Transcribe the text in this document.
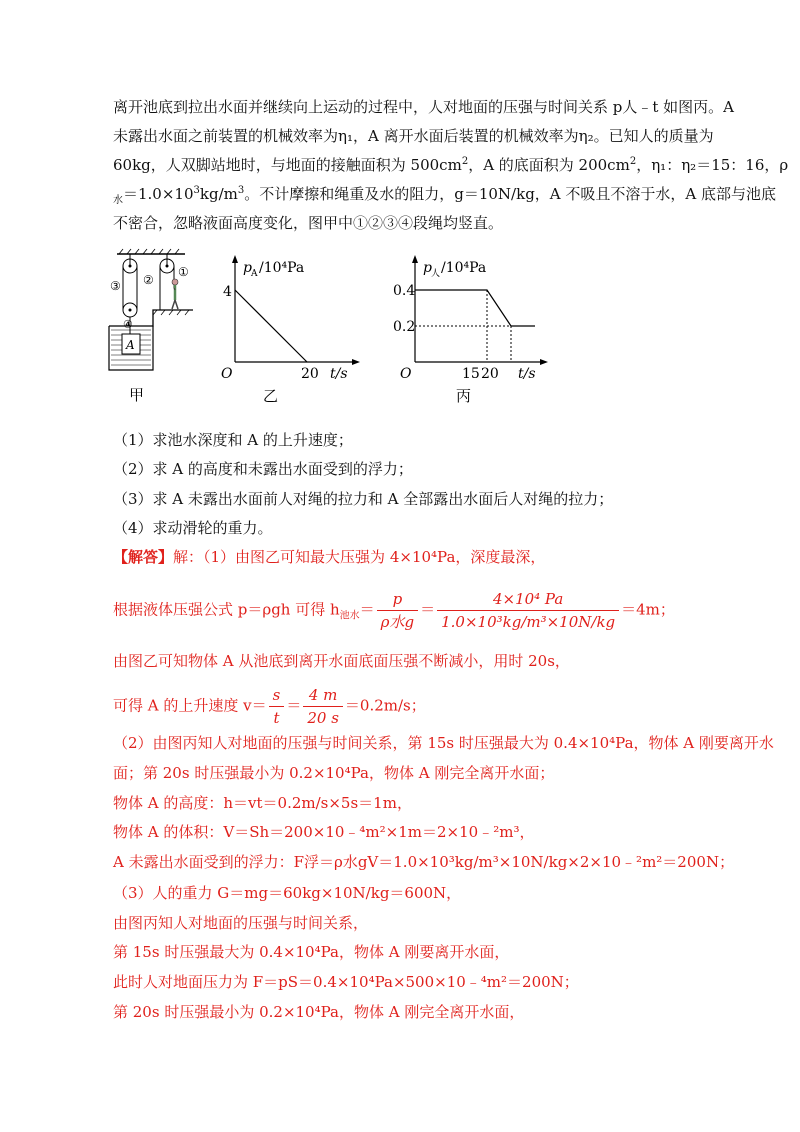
离开池底到拉出水面并继续向上运动的过程中，人对地面的压强与时间关系 p人﹣t 如图丙。A
未露出水面之前装置的机械效率为η₁，A 离开水面后装置的机械效率为η₂。已知人的质量为
60kg，人双脚站地时，与地面的接触面积为 $500cm^2$，A 的底面积为 $200cm^2$，η₁：η₂＝15：16，ρ
$_水=1.0\times 10^3kg/m^3$。不计摩擦和绳重及水的阻力，g＝10N/kg，A 不吸且不溶于水，A 底部与池底
不密合，忽略液面高度变化，图甲中①②③④段绳均竖直。
③ ②
①
④
A
甲
p A /10⁴Pa
4
20
O	t/s
乙
p 人 /10⁴Pa
0.4
0.2
15 20
O	t/s
丙
（1）求池水深度和 A 的上升速度；
（2）求 A 的高度和未露出水面受到的浮力；
（3）求 A 未露出水面前人对绳的拉力和 A 全部露出水面后人对绳的拉力；
（4）求动滑轮的重力。
【解答】解：（1）由图乙可知最大压强为 4×10⁴Pa，深度最深，
根据液体压强公式 p＝ρgh 可得 $h_{池水}= \frac{p}{\text{ρ水g}} = \frac{\text{4×10⁴ Pa}}{\text{1.0×10³kg/m³×10N/kg}} =4m$；
由图乙可知物体 A 从池底到离开水面底面压强不断减小，用时 20s，
可得 A 的上升速度 $v= \frac{s}{t} = \frac{4 m}{20 s} =0.2m/s$；
（2）由图丙知人对地面的压强与时间关系，第 15s 时压强最大为 0.4×10⁴Pa，物体 A 刚要离开水
面；第 20s 时压强最小为 0.2×10⁴Pa，物体 A 刚完全离开水面；
物体 A 的高度：h＝vt＝0.2m/s×5s＝1m，
物体 A 的体积：V＝Sh＝200×10﹣⁴m²×1m＝2×10﹣²m³，
A 未露出水面受到的浮力：F浮＝ρ水gV＝1.0×10³kg/m³×10N/kg×2×10﹣²m²＝200N；
（3）人的重力 G＝mg＝60kg×10N/kg＝600N，
由图丙知人对地面的压强与时间关系，
第 15s 时压强最大为 0.4×10⁴Pa，物体 A 刚要离开水面，
此时人对地面压力为 F＝pS＝0.4×10⁴Pa×500×10﹣⁴m²＝200N；
第 20s 时压强最小为 0.2×10⁴Pa，物体 A 刚完全离开水面，
